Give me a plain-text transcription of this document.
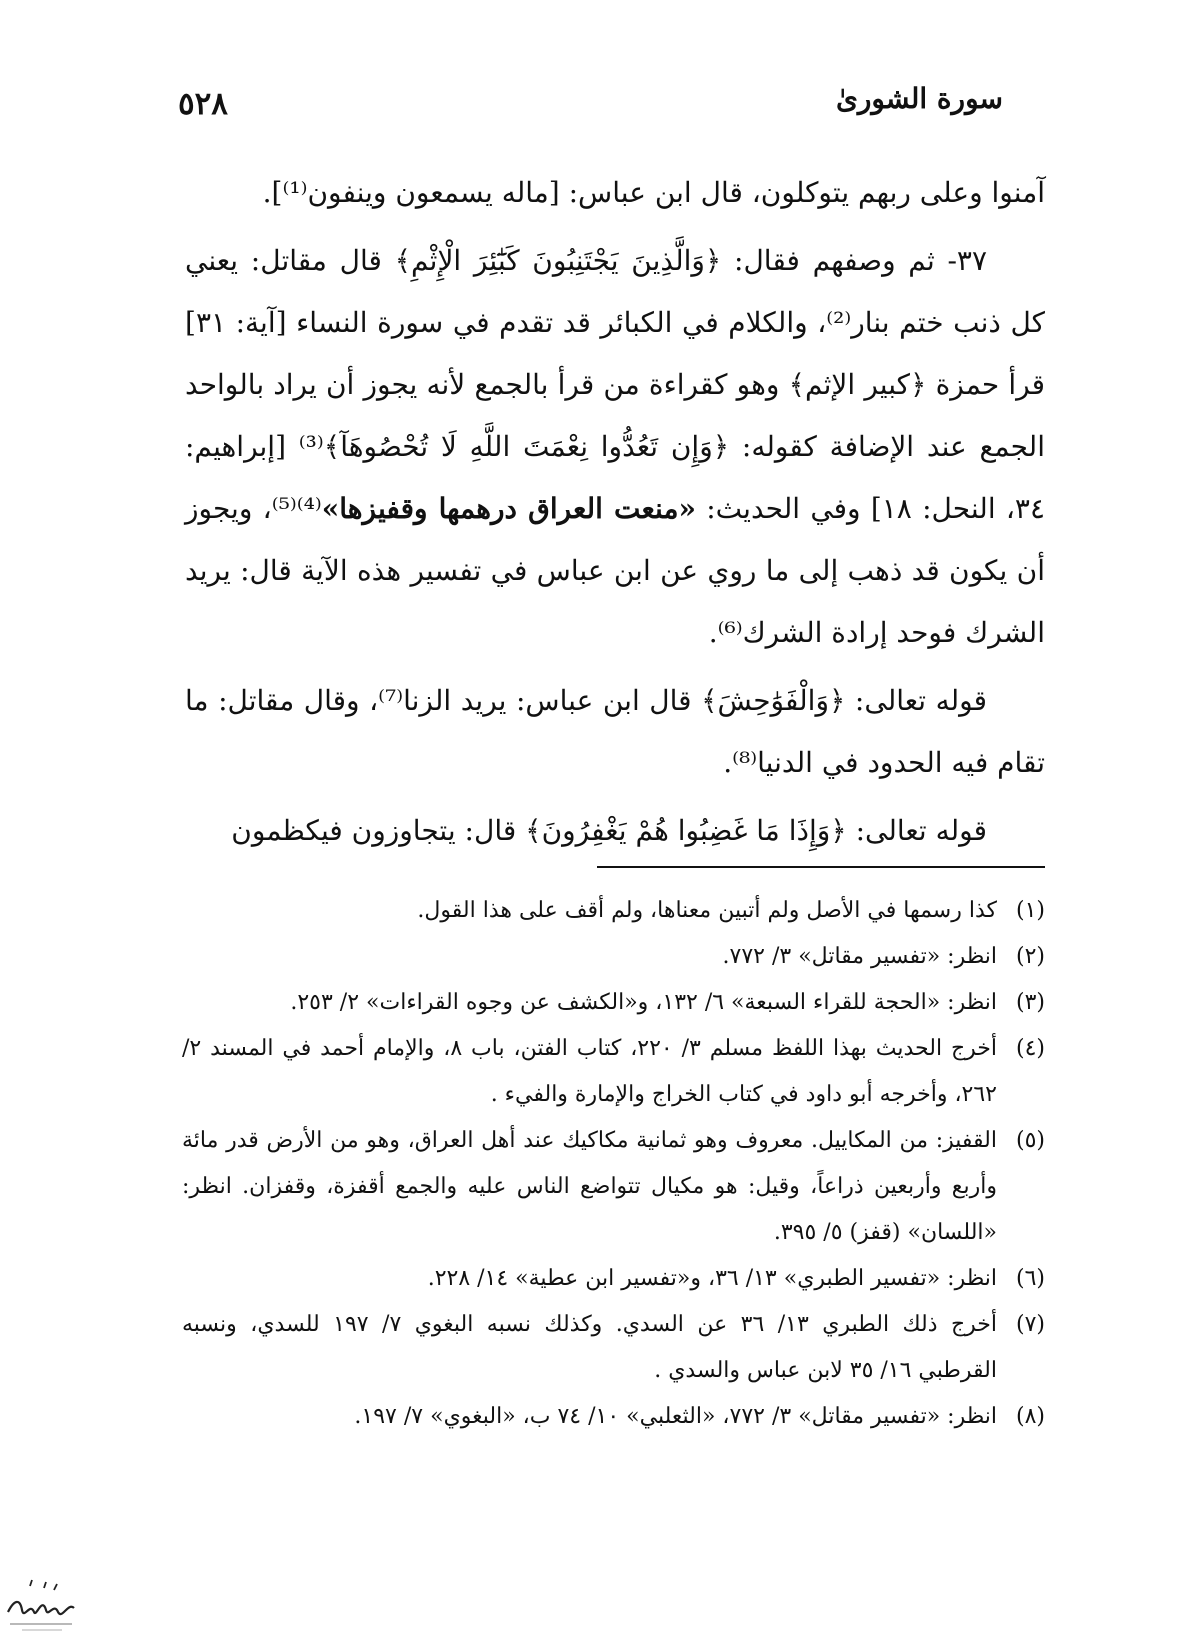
٥٢٨	سورة الشورىٰ

آمنوا وعلى ربهم يتوكلون، قال ابن عباس: [ماله يسمعون وينفون⁽¹⁾].

٣٧- ثم وصفهم فقال: ﴿وَالَّذِينَ يَجْتَنِبُونَ كَبَٰٓئِرَ الْإِثْمِ﴾ قال مقاتل: يعني كل ذنب ختم بنار⁽²⁾، والكلام في الكبائر قد تقدم في سورة النساء [آية: ٣١] قرأ حمزة ﴿كبير الإثم﴾ وهو كقراءة من قرأ بالجمع لأنه يجوز أن يراد بالواحد الجمع عند الإضافة كقوله: ﴿وَإِن تَعُدُّوا نِعْمَتَ اللَّهِ لَا تُحْصُوهَآ﴾⁽³⁾ [إبراهيم: ٣٤، النحل: ١٨] وفي الحديث: «منعت العراق درهمها وقفيزها»⁽⁴⁾⁽⁵⁾، ويجوز أن يكون قد ذهب إلى ما روي عن ابن عباس في تفسير هذه الآية قال: يريد الشرك فوحد إرادة الشرك⁽⁶⁾.

قوله تعالى: ﴿وَالْفَوَٰحِشَ﴾ قال ابن عباس: يريد الزنا⁽⁷⁾، وقال مقاتل: ما تقام فيه الحدود في الدنيا⁽⁸⁾.

قوله تعالى: ﴿وَإِذَا مَا غَضِبُوا هُمْ يَغْفِرُونَ﴾ قال: يتجاوزون فيكظمون

(١)
كذا رسمها في الأصل ولم أتبين معناها، ولم أقف على هذا القول.
(٢)
انظر: «تفسير مقاتل» ٣/ ٧٧٢.
(٣)
انظر: «الحجة للقراء السبعة» ٦/ ١٣٢، و«الكشف عن وجوه القراءات» ٢/ ٢٥٣.
(٤)
أخرج الحديث بهذا اللفظ مسلم ٣/ ٢٢٠، كتاب الفتن، باب ٨، والإمام أحمد في المسند ٢/ ٢٦٢، وأخرجه أبو داود في كتاب الخراج والإمارة والفيء .
(٥)
القفيز: من المكاييل. معروف وهو ثمانية مكاكيك عند أهل العراق، وهو من الأرض قدر مائة وأربع وأربعين ذراعاً، وقيل: هو مكيال تتواضع الناس عليه والجمع أقفزة، وقفزان. انظر: «اللسان» (قفز) ٥/ ٣٩٥.
(٦)
انظر: «تفسير الطبري» ١٣/ ٣٦، و«تفسير ابن عطية» ١٤/ ٢٢٨.
(٧)
أخرج ذلك الطبري ١٣/ ٣٦ عن السدي. وكذلك نسبه البغوي ٧/ ١٩٧ للسدي، ونسبه القرطبي ١٦/ ٣٥ لابن عباس والسدي .
(٨)
انظر: «تفسير مقاتل» ٣/ ٧٧٢، «الثعلبي» ١٠/ ٧٤ ب، «البغوي» ٧/ ١٩٧.
